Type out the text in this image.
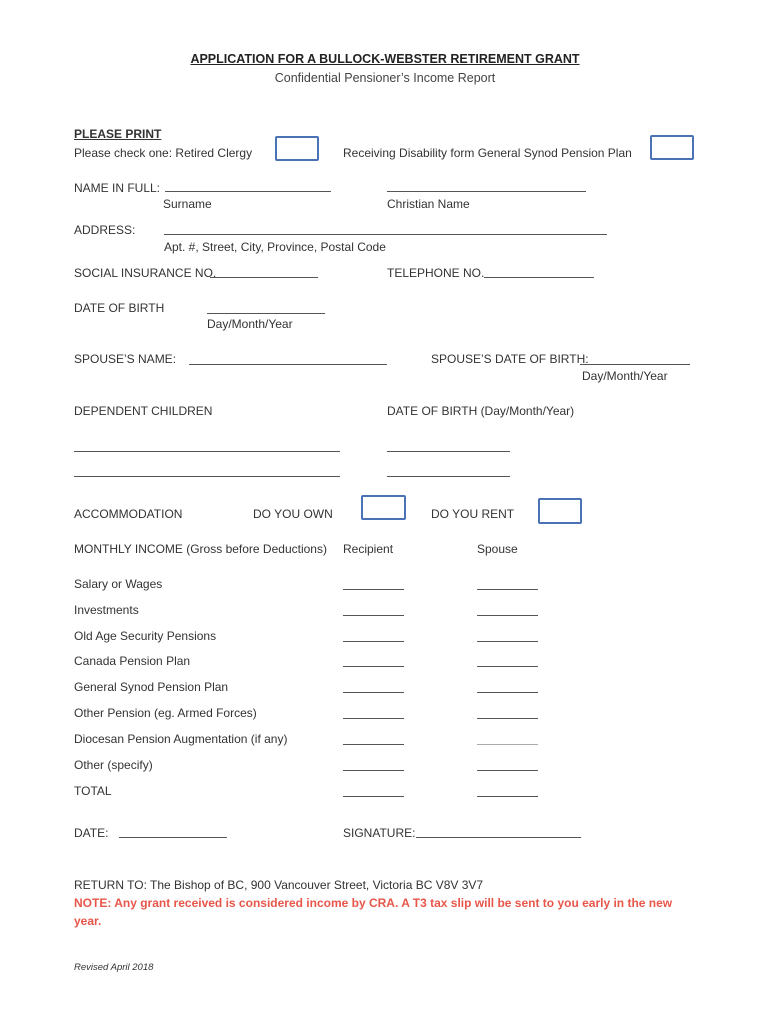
APPLICATION FOR A BULLOCK-WEBSTER RETIREMENT GRANT
Confidential Pensioner’s Income Report
PLEASE PRINT
Please check one: Retired Clergy	Receiving Disability form General Synod Pension Plan
NAME IN FULL:
Surname	Christian Name
ADDRESS:
Apt. #, Street, City, Province, Postal Code
SOCIAL INSURANCE NO.	TELEPHONE NO.
DATE OF BIRTH
Day/Month/Year
SPOUSE’S NAME:	SPOUSE’S DATE OF BIRTH:
Day/Month/Year
DEPENDENT CHILDREN	DATE OF BIRTH (Day/Month/Year)
ACCOMMODATION	DO YOU OWN	DO YOU RENT
MONTHLY INCOME (Gross before Deductions) Recipient	Spouse
Salary or Wages
Investments
Old Age Security Pensions
Canada Pension Plan
General Synod Pension Plan
Other Pension (eg. Armed Forces)
Diocesan Pension Augmentation (if any)
Other (specify)
TOTAL
DATE:	SIGNATURE:
RETURN TO: The Bishop of BC, 900 Vancouver Street, Victoria BC V8V 3V7
NOTE: Any grant received is considered income by CRA. A T3 tax slip will be sent to you early in the new
year.
Revised April 2018
